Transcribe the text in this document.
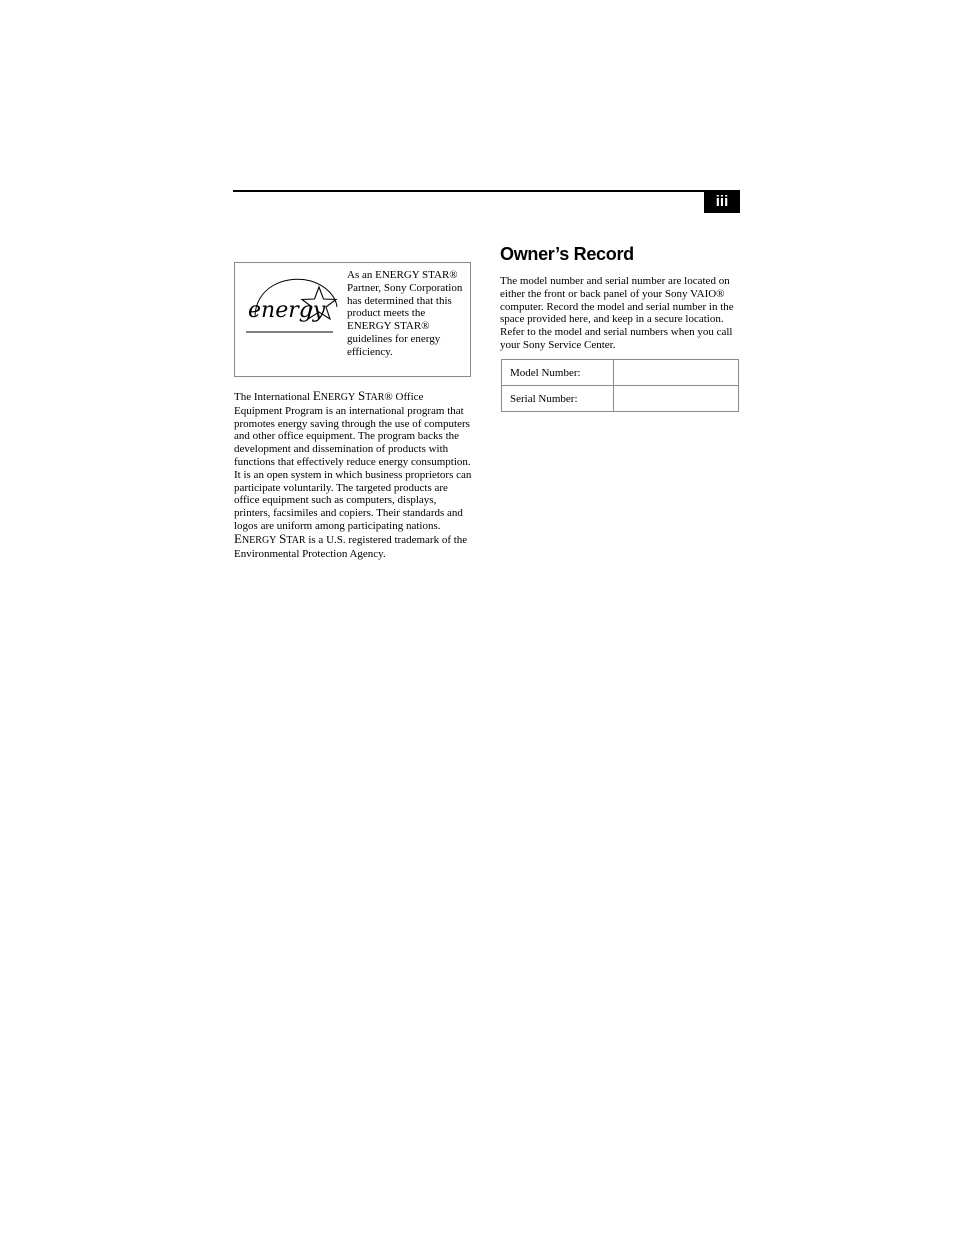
iii
energy
As an ENERGY STAR® Partner, Sony Corporation has determined that this product meets the ENERGY STAR® guidelines for energy efficiency.
The International ENERGY STAR® Office Equipment Program is an international program that promotes energy saving through the use of computers and other office equipment. The program backs the development and dissemination of products with functions that effectively reduce energy consumption. It is an open system in which business proprietors can participate voluntarily. The targeted products are office equipment such as computers, displays, printers, facsimiles and copiers. Their standards and logos are uniform among participating nations. ENERGY STAR is a U.S. registered trademark of the Environmental Protection Agency.
Owner’s Record

The model number and serial number are located on either the front or back panel of your Sony VAIO® computer. Record the model and serial number in the space provided here, and keep in a secure location. Refer to the model and serial numbers when you call your Sony Service Center.

Model Number:	
Serial Number:	
